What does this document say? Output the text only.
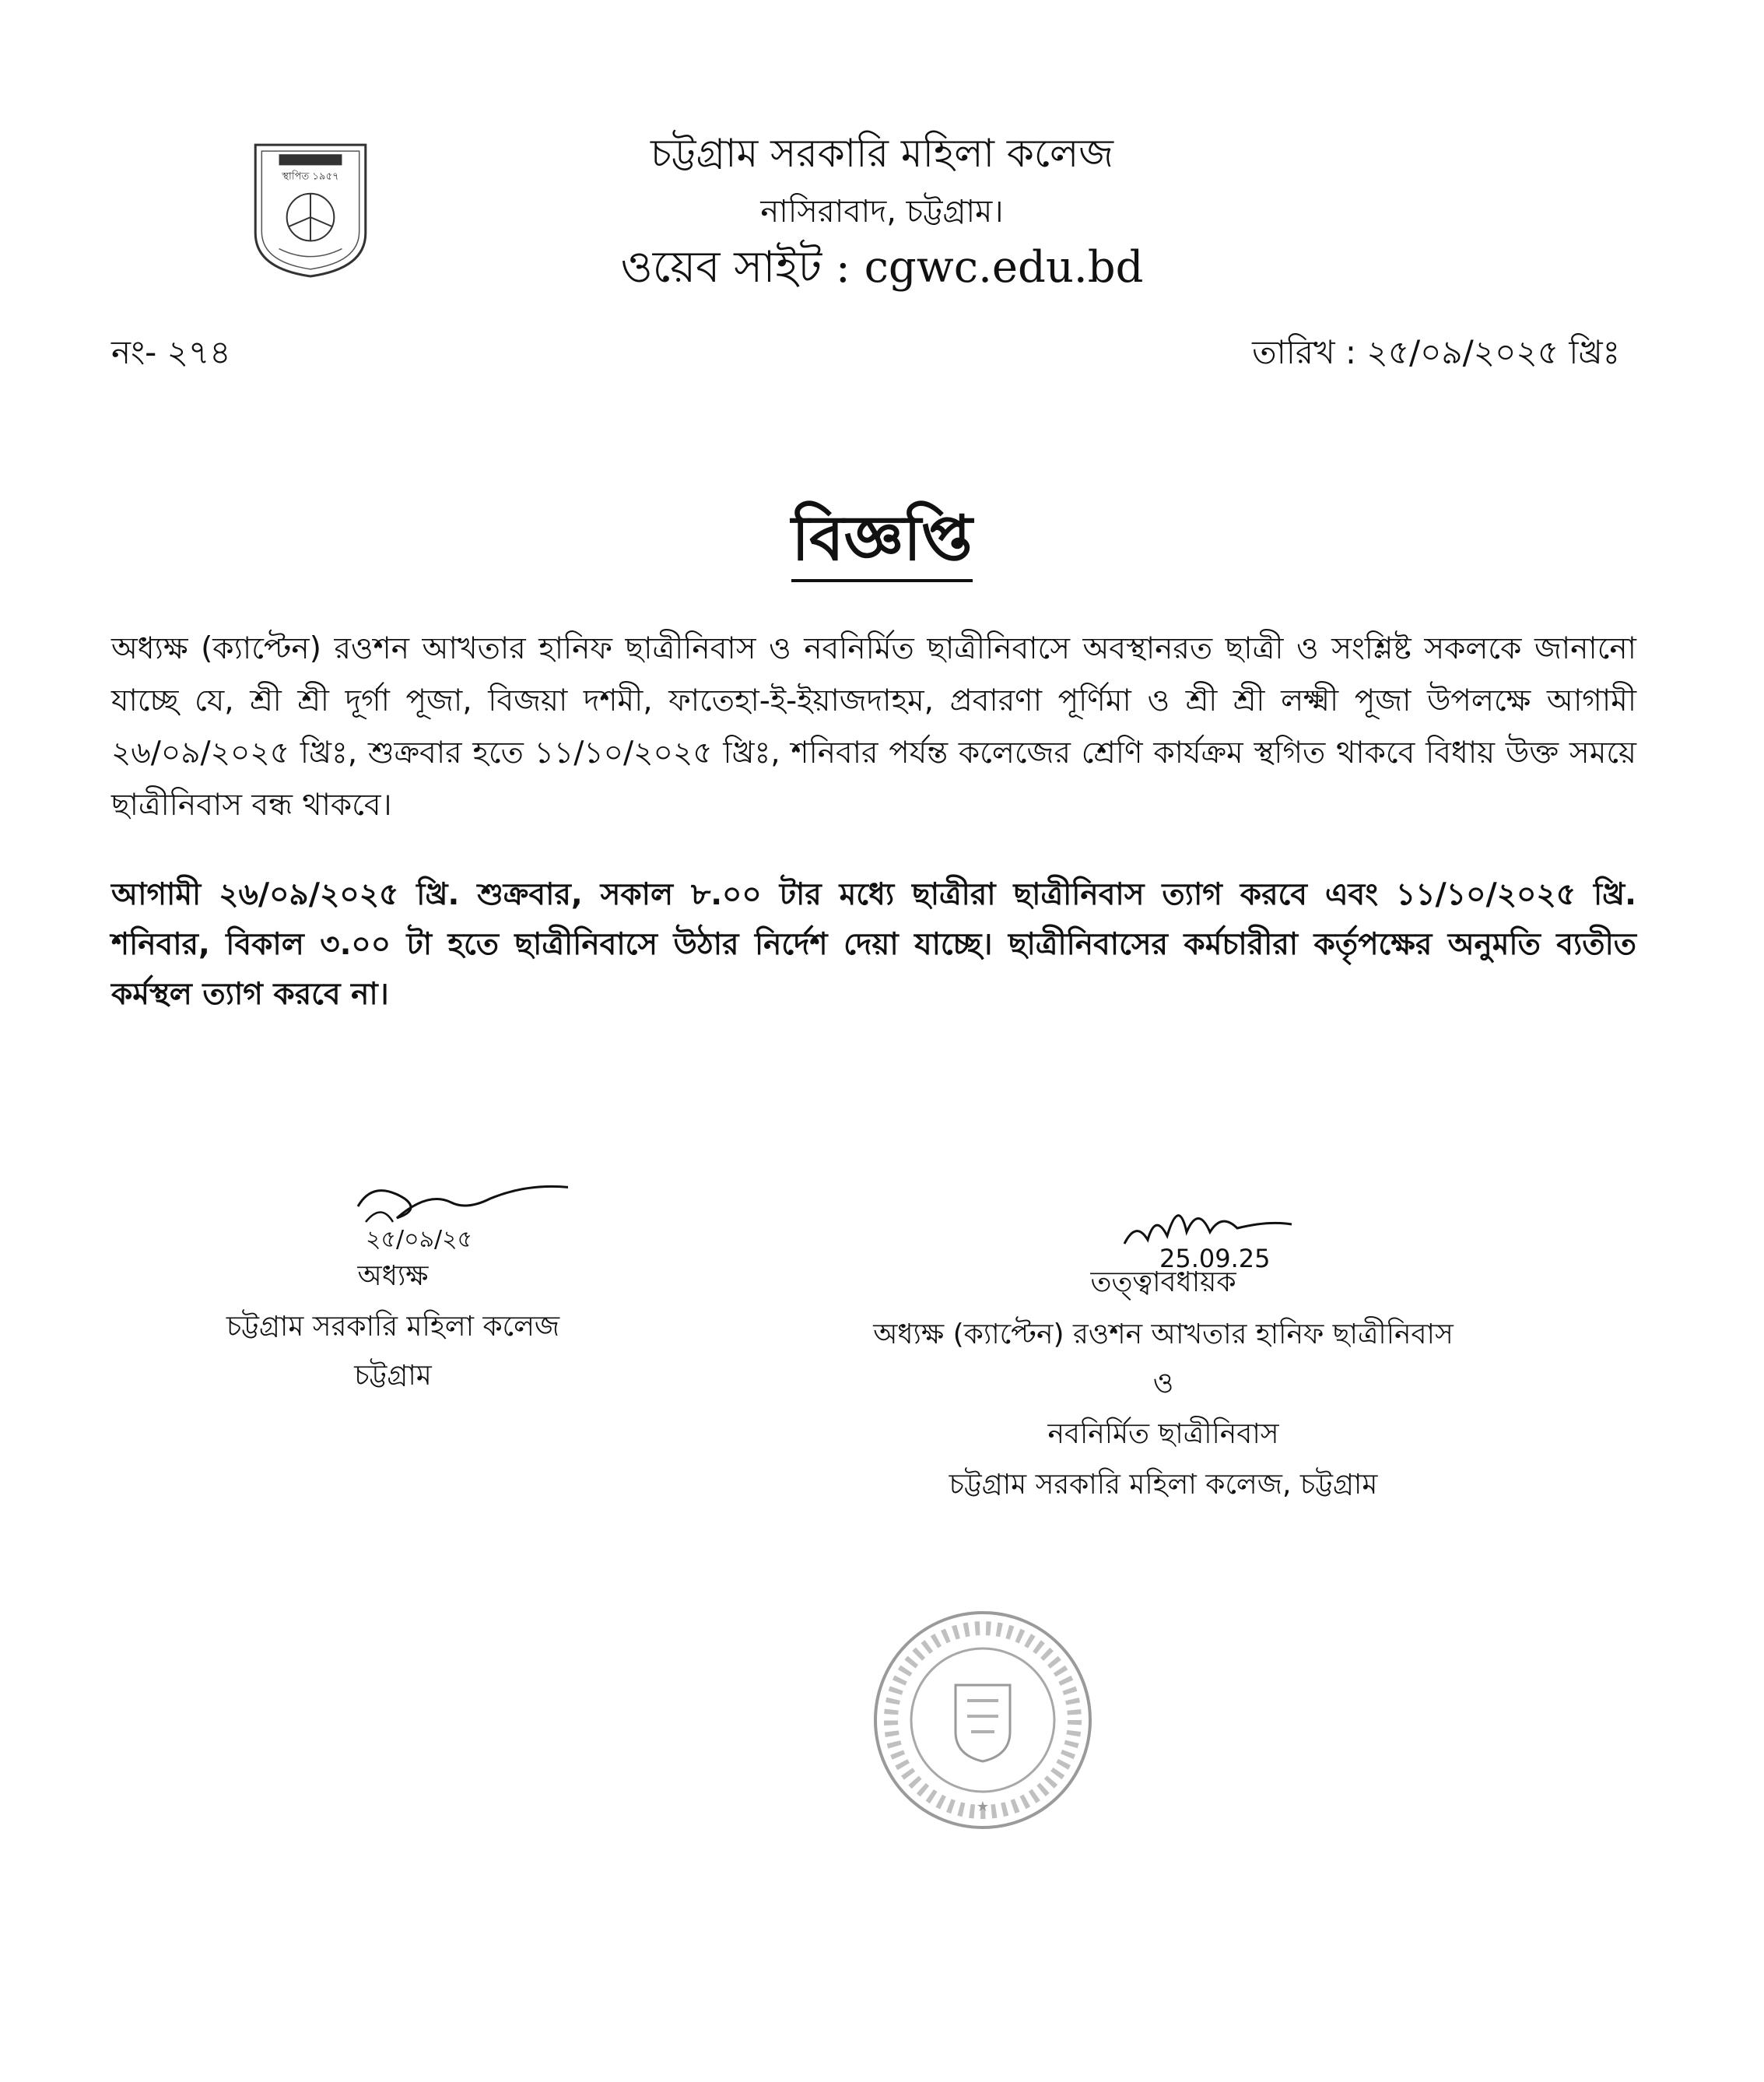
স্থাপিত ১৯৫৭
চট্টগ্রাম সরকারি মহিলা কলেজ
নাসিরাবাদ, চট্টগ্রাম।
ওয়েব সাইট : cgwc.edu.bd
নং- ২৭৪	তারিখ : ২৫/০৯/২০২৫ খ্রিঃ
বিজ্ঞপ্তি
অধ্যক্ষ (ক্যাপ্টেন) রওশন আখতার হানিফ ছাত্রীনিবাস ও নবনির্মিত ছাত্রীনিবাসে অবস্থানরত ছাত্রী ও সংশ্লিষ্ট সকলকে জানানো যাচ্ছে যে, শ্রী শ্রী দূর্গা পূজা, বিজয়া দশমী, ফাতেহা-ই-ইয়াজদাহম, প্রবারণা পূর্ণিমা ও শ্রী শ্রী লক্ষ্মী পূজা উপলক্ষে আগামী ২৬/০৯/২০২৫ খ্রিঃ, শুক্রবার হতে ১১/১০/২০২৫ খ্রিঃ, শনিবার পর্যন্ত কলেজের শ্রেণি কার্যক্রম স্থগিত থাকবে বিধায় উক্ত সময়ে ছাত্রীনিবাস বন্ধ থাকবে।
আগামী ২৬/০৯/২০২৫ খ্রি. শুক্রবার, সকাল ৮.০০ টার মধ্যে ছাত্রীরা ছাত্রীনিবাস ত্যাগ করবে এবং ১১/১০/২০২৫ খ্রি. শনিবার, বিকাল ৩.০০ টা হতে ছাত্রীনিবাসে উঠার নির্দেশ দেয়া যাচ্ছে। ছাত্রীনিবাসের কর্মচারীরা কর্তৃপক্ষের অনুমতি ব্যতীত কর্মস্থল ত্যাগ করবে না।
২৫/০৯/২৫
অধ্যক্ষ
চট্টগ্রাম সরকারি মহিলা কলেজ
চট্টগ্রাম
25.09.25
তত্ত্বাবধায়ক
অধ্যক্ষ (ক্যাপ্টেন) রওশন আখতার হানিফ ছাত্রীনিবাস
ও
নবনির্মিত ছাত্রীনিবাস
চট্টগ্রাম সরকারি মহিলা কলেজ, চট্টগ্রাম
★
